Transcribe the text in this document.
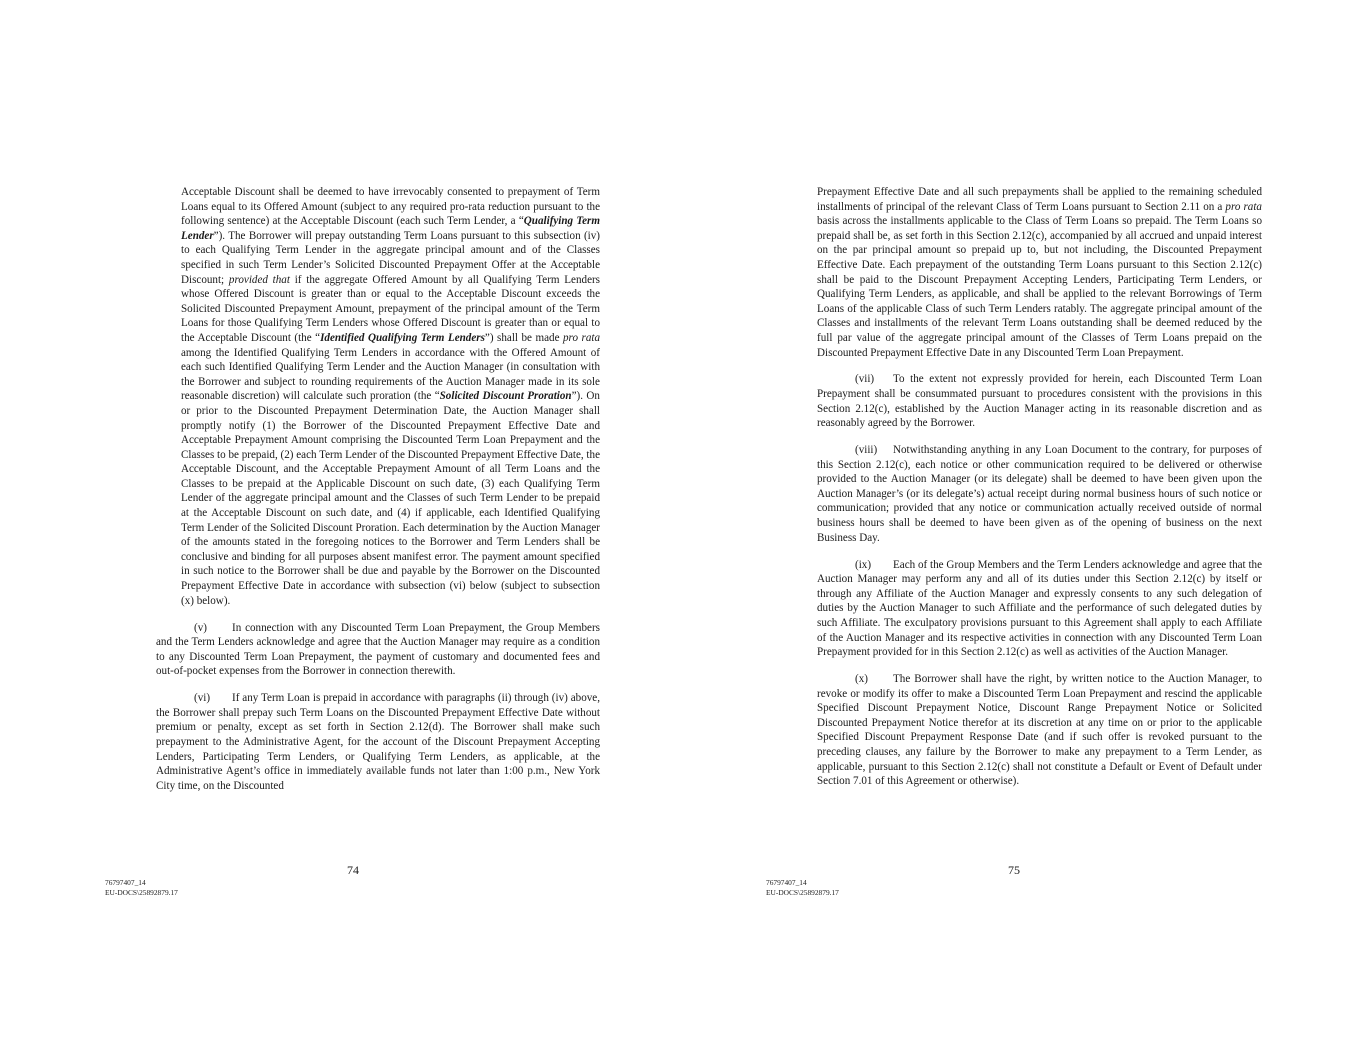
Acceptable Discount shall be deemed to have irrevocably consented to prepayment of Term Loans equal to its Offered Amount (subject to any required pro-rata reduction pursuant to the following sentence) at the Acceptable Discount (each such Term Lender, a “Qualifying Term Lender”). The Borrower will prepay outstanding Term Loans pursuant to this subsection (iv) to each Qualifying Term Lender in the aggregate principal amount and of the Classes specified in such Term Lender’s Solicited Discounted Prepayment Offer at the Acceptable Discount; provided that if the aggregate Offered Amount by all Qualifying Term Lenders whose Offered Discount is greater than or equal to the Acceptable Discount exceeds the Solicited Discounted Prepayment Amount, prepayment of the principal amount of the Term Loans for those Qualifying Term Lenders whose Offered Discount is greater than or equal to the Acceptable Discount (the “Identified Qualifying Term Lenders”) shall be made pro rata among the Identified Qualifying Term Lenders in accordance with the Offered Amount of each such Identified Qualifying Term Lender and the Auction Manager (in consultation with the Borrower and subject to rounding requirements of the Auction Manager made in its sole reasonable discretion) will calculate such proration (the “Solicited Discount Proration”). On or prior to the Discounted Prepayment Determination Date, the Auction Manager shall promptly notify (1) the Borrower of the Discounted Prepayment Effective Date and Acceptable Prepayment Amount comprising the Discounted Term Loan Prepayment and the Classes to be prepaid, (2) each Term Lender of the Discounted Prepayment Effective Date, the Acceptable Discount, and the Acceptable Prepayment Amount of all Term Loans and the Classes to be prepaid at the Applicable Discount on such date, (3) each Qualifying Term Lender of the aggregate principal amount and the Classes of such Term Lender to be prepaid at the Acceptable Discount on such date, and (4) if applicable, each Identified Qualifying Term Lender of the Solicited Discount Proration. Each determination by the Auction Manager of the amounts stated in the foregoing notices to the Borrower and Term Lenders shall be conclusive and binding for all purposes absent manifest error. The payment amount specified in such notice to the Borrower shall be due and payable by the Borrower on the Discounted Prepayment Effective Date in accordance with subsection (vi) below (subject to subsection (x) below).

(v) In connection with any Discounted Term Loan Prepayment, the Group Members and the Term Lenders acknowledge and agree that the Auction Manager may require as a condition to any Discounted Term Loan Prepayment, the payment of customary and documented fees and out-of-pocket expenses from the Borrower in connection therewith.

(vi) If any Term Loan is prepaid in accordance with paragraphs (ii) through (iv) above, the Borrower shall prepay such Term Loans on the Discounted Prepayment Effective Date without premium or penalty, except as set forth in Section 2.12(d). The Borrower shall make such prepayment to the Administrative Agent, for the account of the Discount Prepayment Accepting Lenders, Participating Term Lenders, or Qualifying Term Lenders, as applicable, at the Administrative Agent’s office in immediately available funds not later than 1:00 p.m., New York City time, on the Discounted

74
76797407_14
EU-DOCS\25892879.17

Prepayment Effective Date and all such prepayments shall be applied to the remaining scheduled installments of principal of the relevant Class of Term Loans pursuant to Section 2.11 on a pro rata basis across the installments applicable to the Class of Term Loans so prepaid. The Term Loans so prepaid shall be, as set forth in this Section 2.12(c), accompanied by all accrued and unpaid interest on the par principal amount so prepaid up to, but not including, the Discounted Prepayment Effective Date. Each prepayment of the outstanding Term Loans pursuant to this Section 2.12(c) shall be paid to the Discount Prepayment Accepting Lenders, Participating Term Lenders, or Qualifying Term Lenders, as applicable, and shall be applied to the relevant Borrowings of Term Loans of the applicable Class of such Term Lenders ratably. The aggregate principal amount of the Classes and installments of the relevant Term Loans outstanding shall be deemed reduced by the full par value of the aggregate principal amount of the Classes of Term Loans prepaid on the Discounted Prepayment Effective Date in any Discounted Term Loan Prepayment.

(vii) To the extent not expressly provided for herein, each Discounted Term Loan Prepayment shall be consummated pursuant to procedures consistent with the provisions in this Section 2.12(c), established by the Auction Manager acting in its reasonable discretion and as reasonably agreed by the Borrower.

(viii) Notwithstanding anything in any Loan Document to the contrary, for purposes of this Section 2.12(c), each notice or other communication required to be delivered or otherwise provided to the Auction Manager (or its delegate) shall be deemed to have been given upon the Auction Manager’s (or its delegate’s) actual receipt during normal business hours of such notice or communication; provided that any notice or communication actually received outside of normal business hours shall be deemed to have been given as of the opening of business on the next Business Day.

(ix) Each of the Group Members and the Term Lenders acknowledge and agree that the Auction Manager may perform any and all of its duties under this Section 2.12(c) by itself or through any Affiliate of the Auction Manager and expressly consents to any such delegation of duties by the Auction Manager to such Affiliate and the performance of such delegated duties by such Affiliate. The exculpatory provisions pursuant to this Agreement shall apply to each Affiliate of the Auction Manager and its respective activities in connection with any Discounted Term Loan Prepayment provided for in this Section 2.12(c) as well as activities of the Auction Manager.

(x) The Borrower shall have the right, by written notice to the Auction Manager, to revoke or modify its offer to make a Discounted Term Loan Prepayment and rescind the applicable Specified Discount Prepayment Notice, Discount Range Prepayment Notice or Solicited Discounted Prepayment Notice therefor at its discretion at any time on or prior to the applicable Specified Discount Prepayment Response Date (and if such offer is revoked pursuant to the preceding clauses, any failure by the Borrower to make any prepayment to a Term Lender, as applicable, pursuant to this Section 2.12(c) shall not constitute a Default or Event of Default under Section 7.01 of this Agreement or otherwise).

75
76797407_14
EU-DOCS\25892879.17
